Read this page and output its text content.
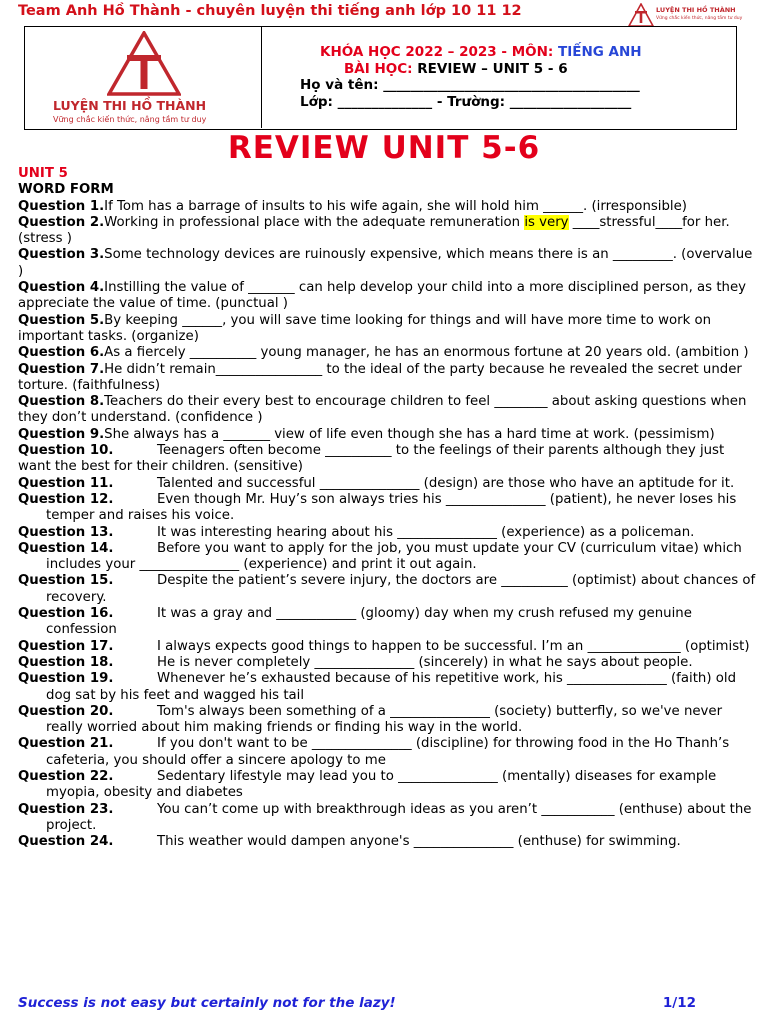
Team Anh Hồ Thành - chuyên luyện thi tiếng anh lớp 10 11 12	LUYỆN THI HỒ THÀNH
Vững chắc kiến thức, nâng tầm tư duy
LUYỆN THI HỒ THÀNH
Vững chắc kiến thức, nâng tầm tư duy
KHÓA HỌC 2022 – 2023 - MÔN: TIẾNG ANH
BÀI HỌC: REVIEW – UNIT 5 - 6
Họ và tên: ______________________________________
Lớp: ______________ - Trường: __________________
REVIEW UNIT 5-6
UNIT 5
WORD FORM
Question 1.If Tom has a barrage of insults to his wife again, she will hold him ______. (irresponsible)
Question 2.Working in professional place with the adequate remuneration is very ____stressful____for her. (stress )
Question 3.Some technology devices are ruinously expensive, which means there is an _________. (overvalue )
Question 4.Instilling the value of _______ can help develop your child into a more disciplined person, as they appreciate the value of time. (punctual )
Question 5.By keeping ______, you will save time looking for things and will have more time to work on important tasks. (organize)
Question 6.As a fiercely __________ young manager, he has an enormous fortune at 20 years old. (ambition )
Question 7.He didn’t remain________________ to the ideal of the party because he revealed the secret under torture. (faithfulness)
Question 8.Teachers do their every best to encourage children to feel ________ about asking questions when they don’t understand. (confidence )
Question 9.She always has a _______ view of life even though she has a hard time at work. (pessimism)
Question 10.	Teenagers often become __________ to the feelings of their parents although they just want the best for their children. (sensitive)
Question 11.	Talented and successful _______________ (design) are those who have an aptitude for it.
Question 12.	Even though Mr. Huy’s son always tries his _______________ (patient), he never loses his temper and raises his voice.
Question 13.	It was interesting hearing about his _______________ (experience) as a policeman.
Question 14.	Before you want to apply for the job, you must update your CV (curriculum vitae) which includes your _______________ (experience) and print it out again.
Question 15.	Despite the patient’s severe injury, the doctors are __________ (optimist) about chances of recovery.
Question 16.	It was a gray and ____________ (gloomy) day when my crush refused my genuine confession
Question 17.	I always expects good things to happen to be successful. I’m an ______________ (optimist)
Question 18.	He is never completely _______________ (sincerely) in what he says about people.
Question 19.	Whenever he’s exhausted because of his repetitive work, his _______________ (faith) old dog sat by his feet and wagged his tail
Question 20.	Tom's always been something of a _______________ (society) butterfly, so we've never really worried about him making friends or finding his way in the world.
Question 21.	If you don't want to be _______________ (discipline) for throwing food in the Ho Thanh’s cafeteria, you should offer a sincere apology to me
Question 22.	Sedentary lifestyle may lead you to _______________ (mentally) diseases for example myopia, obesity and diabetes
Question 23.	You can’t come up with breakthrough ideas as you aren’t ___________ (enthuse) about the project.
Question 24.	This weather would dampen anyone's _______________ (enthuse) for swimming.
Success is not easy but certainly not for the lazy!	1/12
